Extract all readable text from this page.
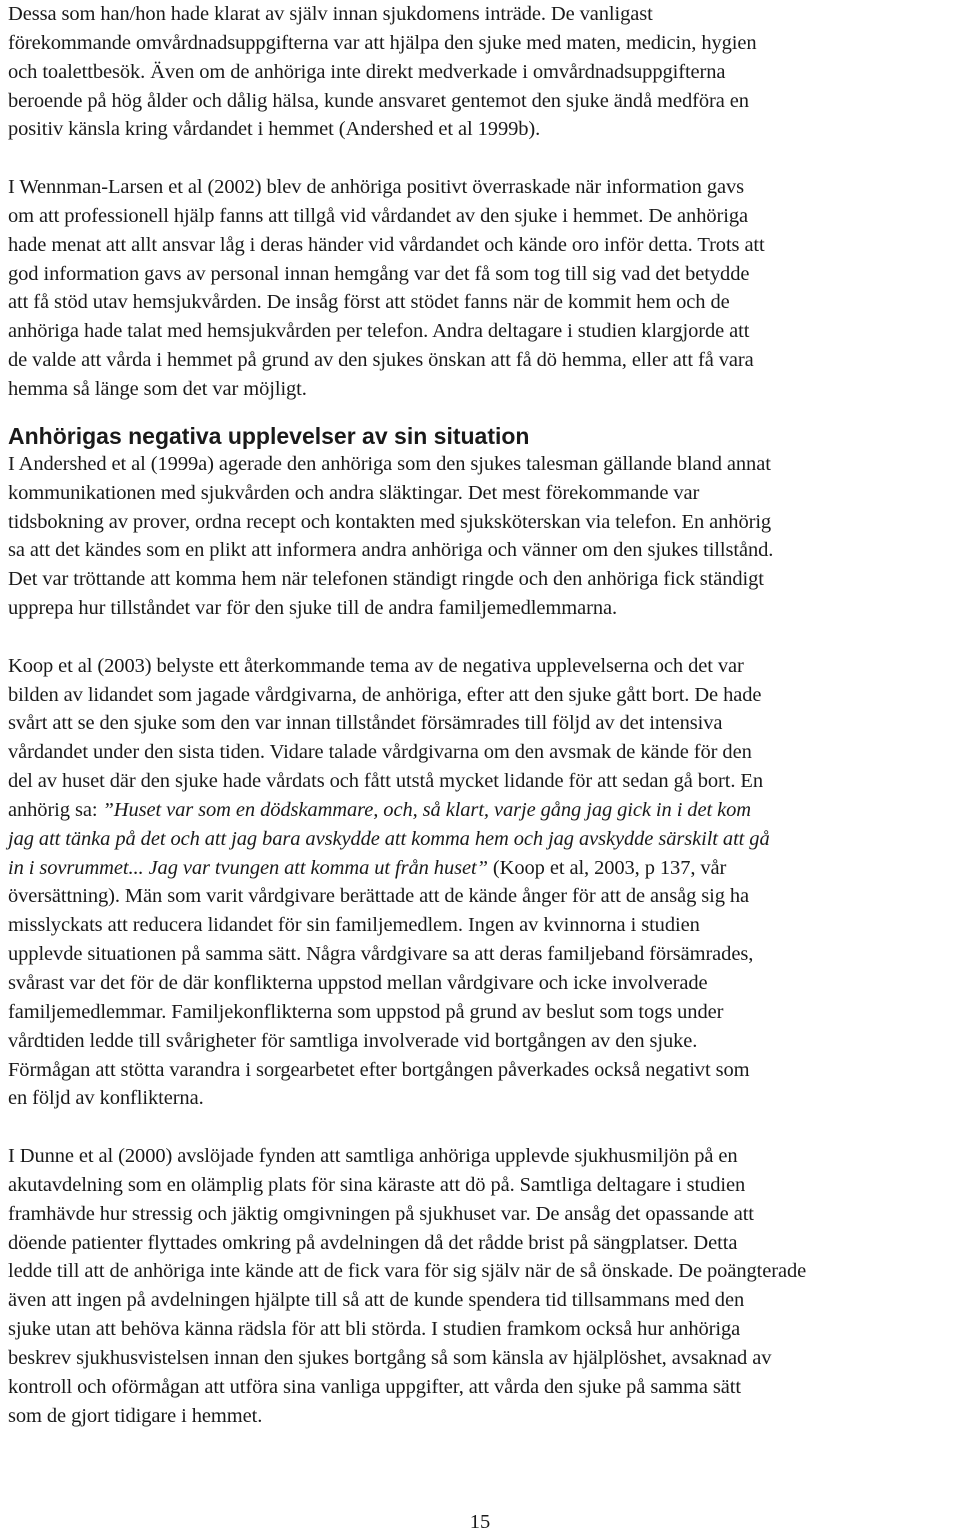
Dessa som han/hon hade klarat av själv innan sjukdomens inträde. De vanligast
förekommande omvårdnadsuppgifterna var att hjälpa den sjuke med maten, medicin, hygien
och toalettbesök. Även om de anhöriga inte direkt medverkade i omvårdnadsuppgifterna
beroende på hög ålder och dålig hälsa, kunde ansvaret gentemot den sjuke ändå medföra en
positiv känsla kring vårdandet i hemmet (Andershed et al 1999b).
I Wennman-Larsen et al (2002) blev de anhöriga positivt överraskade när information gavs
om att professionell hjälp fanns att tillgå vid vårdandet av den sjuke i hemmet. De anhöriga
hade menat att allt ansvar låg i deras händer vid vårdandet och kände oro inför detta. Trots att
god information gavs av personal innan hemgång var det få som tog till sig vad det betydde
att få stöd utav hemsjukvården. De insåg först att stödet fanns när de kommit hem och de
anhöriga hade talat med hemsjukvården per telefon. Andra deltagare i studien klargjorde att
de valde att vårda i hemmet på grund av den sjukes önskan att få dö hemma, eller att få vara
hemma så länge som det var möjligt.
Anhörigas negativa upplevelser av sin situation
I Andershed et al (1999a) agerade den anhöriga som den sjukes talesman gällande bland annat
kommunikationen med sjukvården och andra släktingar. Det mest förekommande var
tidsbokning av prover, ordna recept och kontakten med sjuksköterskan via telefon. En anhörig
sa att det kändes som en plikt att informera andra anhöriga och vänner om den sjukes tillstånd.
Det var tröttande att komma hem när telefonen ständigt ringde och den anhöriga fick ständigt
upprepa hur tillståndet var för den sjuke till de andra familjemedlemmarna.
Koop et al (2003) belyste ett återkommande tema av de negativa upplevelserna och det var
bilden av lidandet som jagade vårdgivarna, de anhöriga, efter att den sjuke gått bort. De hade
svårt att se den sjuke som den var innan tillståndet försämrades till följd av det intensiva
vårdandet under den sista tiden. Vidare talade vårdgivarna om den avsmak de kände för den
del av huset där den sjuke hade vårdats och fått utstå mycket lidande för att sedan gå bort. En
anhörig sa: ”Huset var som en dödskammare, och, så klart, varje gång jag gick in i det kom
jag att tänka på det och att jag bara avskydde att komma hem och jag avskydde särskilt att gå
in i sovrummet... Jag var tvungen att komma ut från huset” (Koop et al, 2003, p 137, vår
översättning). Män som varit vårdgivare berättade att de kände ånger för att de ansåg sig ha
misslyckats att reducera lidandet för sin familjemedlem. Ingen av kvinnorna i studien
upplevde situationen på samma sätt. Några vårdgivare sa att deras familjeband försämrades,
svårast var det för de där konflikterna uppstod mellan vårdgivare och icke involverade
familjemedlemmar. Familjekonflikterna som uppstod på grund av beslut som togs under
vårdtiden ledde till svårigheter för samtliga involverade vid bortgången av den sjuke.
Förmågan att stötta varandra i sorgearbetet efter bortgången påverkades också negativt som
en följd av konflikterna.
I Dunne et al (2000) avslöjade fynden att samtliga anhöriga upplevde sjukhusmiljön på en
akutavdelning som en olämplig plats för sina käraste att dö på. Samtliga deltagare i studien
framhävde hur stressig och jäktig omgivningen på sjukhuset var. De ansåg det opassande att
döende patienter flyttades omkring på avdelningen då det rådde brist på sängplatser. Detta
ledde till att de anhöriga inte kände att de fick vara för sig själv när de så önskade. De poängterade
även att ingen på avdelningen hjälpte till så att de kunde spendera tid tillsammans med den
sjuke utan att behöva känna rädsla för att bli störda. I studien framkom också hur anhöriga
beskrev sjukhusvistelsen innan den sjukes bortgång så som känsla av hjälplöshet, avsaknad av
kontroll och oförmågan att utföra sina vanliga uppgifter, att vårda den sjuke på samma sätt
som de gjort tidigare i hemmet.
15
